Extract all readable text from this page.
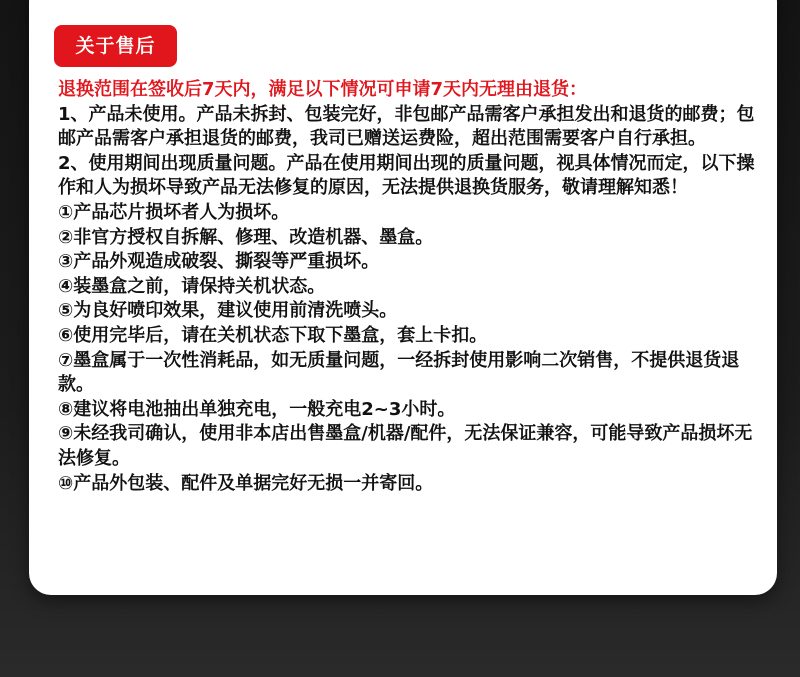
关于售后

退换范围在签收后7天内，满足以下情况可申请7天内无理由退货：

1、产品未使用。产品未拆封、包装完好，非包邮产品需客户承担发出和退货的邮费；包邮产品需客户承担退货的邮费，我司已赠送运费险，超出范围需要客户自行承担。

2、使用期间出现质量问题。产品在使用期间出现的质量问题，视具体情况而定，以下操作和人为损坏导致产品无法修复的原因，无法提供退换货服务，敬请理解知悉！

①产品芯片损坏者人为损坏。

②非官方授权自拆解、修理、改造机器、墨盒。

③产品外观造成破裂、撕裂等严重损坏。

④装墨盒之前，请保持关机状态。

⑤为良好喷印效果，建议使用前清洗喷头。

⑥使用完毕后，请在关机状态下取下墨盒，套上卡扣。

⑦墨盒属于一次性消耗品，如无质量问题，一经拆封使用影响二次销售，不提供退货退款。

⑧建议将电池抽出单独充电，一般充电2~3小时。

⑨未经我司确认，使用非本店出售墨盒/机器/配件，无法保证兼容，可能导致产品损坏无法修复。

⑩产品外包装、配件及单据完好无损一并寄回。
